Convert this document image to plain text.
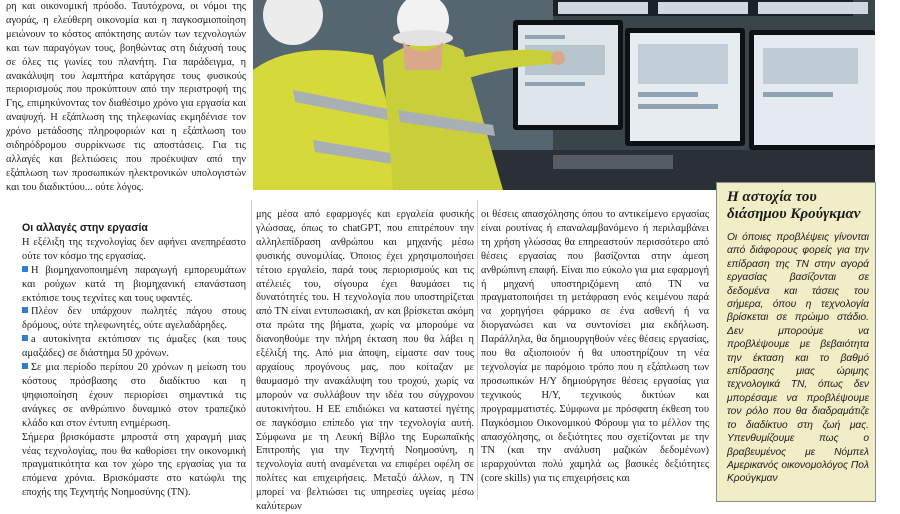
ρη και οικονομική πρόοδο. Ταυτόχρονα, οι νόμοι της αγοράς, η ελεύθερη οικονομία και η παγκοσμιοποίηση μειώνουν το κόστος απόκτησης αυτών των τεχνολογιών και των παραγόγων τους, βοηθώντας στη διάχυσή τους σε όλες τις γωνίες του πλανήτη. Για παράδειγμα, η ανακάλυψη του λαμπτήρα κατάργησε τους φυσικούς περιορισμούς που προκύπτουν από την περιστροφή της Γης, επιμηκύνοντας τον διαθέσιμο χρόνο για εργασία και αναψυχή. Η εξάπλωση της τηλεφωνίας εκμηδένισε τον χρόνο μετάδοσης πληροφοριών και η εξάπλωση του σιδηρόδρομου συρρίκνωσε τις αποστάσεις. Για τις αλλαγές και βελτιώσεις που προέκυψαν από την εξάπλωση των προσωπικών ηλεκτρονικών υπολογιστών και του διαδικτύου... ούτε λόγος.

Οι αλλαγές στην εργασία

Η εξέλιξη της τεχνολογίας δεν αφήνει ανεπηρέαστο ούτε τον κόσμο της εργασίας.

Η βιομηχανοποιημένη παραγωγή εμπορευμάτων και ρούχων κατά τη βιομηχανική επανάσταση εκτόπισε τους τεχνίτες και τους υφαντές.

Πλέον δεν υπάρχουν πωλητές πάγου στους δρόμους, ούτε τηλεφωνητές, ούτε αγελαδάρηδες.

a αυτοκίνητα εκτόπισαν τις άμαξες (και τους αμαξάδες) σε διάστημα 50 χρόνων.

Σε μια περίοδο περίπου 20 χρόνων η μείωση του κόστους πρόσβασης στο διαδίκτυο και η ψηφιοποίηση έχουν περιορίσει σημαντικά τις ανάγκες σε ανθρώπινο δυναμικό στον τραπεζικό κλάδο και στον έντυπη ενημέρωση.

Σήμερα βρισκόμαστε μπροστά στη χαραγμή μιας νέας τεχνολογίας, που θα καθορίσει την οικονομική πραγματικότητα και τον χώρο της εργασίας για τα επόμενα χρόνια. Βρισκόμαστε στο κατώφλι της εποχής της Τεχνητής Νοημοσύνης (ΤΝ).

μης μέσα από εφαρμογές και εργαλεία φυσικής γλώσσας, όπως το chatGPT, που επιτρέπουν την αλληλεπίδραση ανθρώπου και μηχανής μέσω φυσικής συνομιλίας. Όποιος έχει χρησιμοποιήσει τέτοιο εργαλείο, παρά τους περιορισμούς και τις ατέλειές του, σίγουρα έχει θαυμάσει τις δυνατότητές του. Η τεχνολογία που υποστηρίζεται από ΤΝ είναι εντυπωσιακή, αν και βρίσκεται ακόμη στα πρώτα της βήματα, χωρίς να μπορούμε να διανοηθούμε την πλήρη έκταση που θα λάβει η εξέλιξή της. Από μια άποψη, είμαστε σαν τους αρχαίους προγόνους μας, που κοίταζαν με θαυμασμό την ανακάλυψη του τροχού, χωρίς να μπορούν να συλλάβουν την ιδέα του σύγχρονου αυτοκινήτου. Η ΕΕ επιδιώκει να καταστεί ηγέτης σε παγκόσμιο επίπεδο για την τεχνολογία αυτή. Σύμφωνα με τη Λευκή Βίβλο της Ευρωπαϊκής Επιτροπής για την Τεχνητή Νοημοσύνη, η τεχνολογία αυτή αναμένεται να επιφέρει οφέλη σε πολίτες και επιχειρήσεις. Μεταξύ άλλων, η ΤΝ μπορεί να βελτιώσει τις υπηρεσίες υγείας μέσω καλύτερων

οι θέσεις απασχόλησης όπου το αντικείμενο εργασίας είναι ρουτίνας ή επαναλαμβανόμενο ή περιλαμβάνει τη χρήση γλώσσας θα επηρεαστούν περισσότερο από θέσεις εργασίας που βασίζονται στην άμεση ανθρώπινη επαφή. Είναι πιο εύκολο για μια εφαρμογή ή μηχανή υποστηριζόμενη από ΤΝ να πραγματοποιήσει τη μετάφραση ενός κειμένου παρά να χορηγήσει φάρμακο σε ένα ασθενή ή να διοργανώσει και να συντονίσει μια εκδήλωση. Παράλληλα, θα δημιουργηθούν νέες θέσεις εργασίας, που θα αξιοποιούν ή θα υποστηρίζουν τη νέα τεχνολογία με παρόμοιο τρόπο που η εξάπλωση των προσωπικών Η/Υ δημιούργησε θέσεις εργασίας για τεχνικούς Η/Υ, τεχνικούς δικτύων και προγραμματιστές. Σύμφωνα με πρόσφατη έκθεση του Παγκόσμιου Οικονομικού Φόρουμ για το μέλλον της απασχόλησης, οι δεξιότητες που σχετίζονται με την ΤΝ (και την ανάλυση μαζικών δεδομένων) ιεραρχούνται πολύ χαμηλά ως βασικές δεξιότητες (core skills) για τις επιχειρήσεις και

Η αστοχία του διάσημου Κρούγκμαν

Οι όποιες προβλέψεις γίνονται από διάφορους φορείς για την επίδραση της ΤΝ στην αγορά εργασίας βασίζονται σε δεδομένα και τάσεις του σήμερα, όπου η τεχνολογία βρίσκεται σε πρώιμο στάδιο. Δεν μπορούμε να προβλέψουμε με βεβαιότητα την έκταση και το βαθμό επίδρασης μιας ώριμης τεχνολογικά ΤΝ, όπως δεν μπορέσαμε να προβλέψουμε τον ρόλο που θα διαδραμάτιζε το διαδίκτυο στη ζωή μας. Υπενθυμίζουμε πως ο βραβευμένος με Νόμπελ Αμερικανός οικονομολόγος Πολ Κρούγκμαν
